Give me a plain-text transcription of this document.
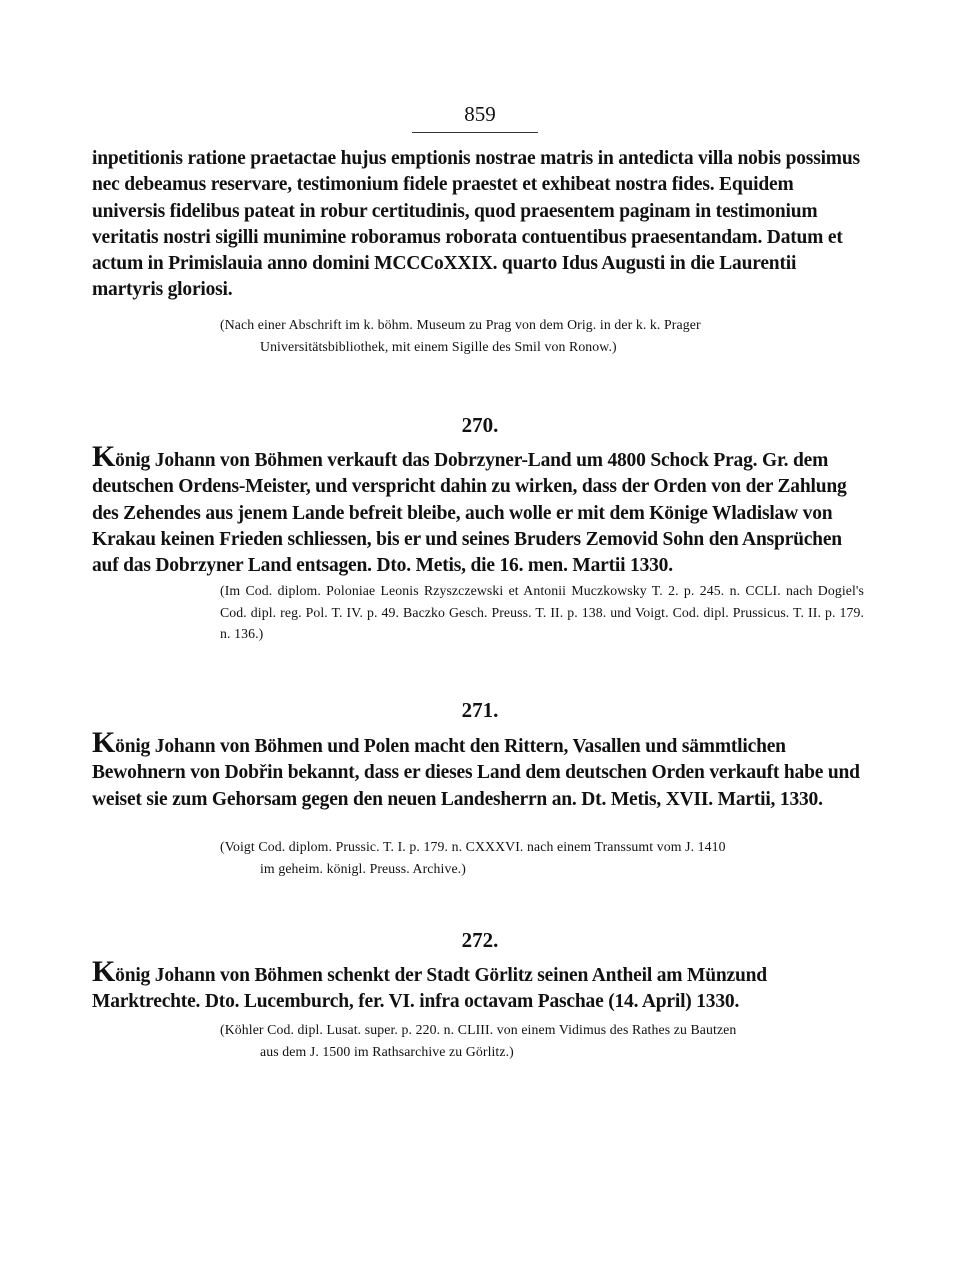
859
inpetitionis ratione praetactae hujus emptionis nostrae matris in antedicta villa nobis possimus nec debeamus reservare, testimonium fidele praestet et exhibeat nostra fides. Equidem universis fidelibus pateat in robur certitudinis, quod praesentem paginam in testimonium veritatis nostri sigilli munimine roboramus roborata contuentibus praesentandam. Datum et actum in Primislauia anno domini MCCCoXXIX. quarto Idus Augusti in die Laurentii martyris gloriosi.
(Nach einer Abschrift im k. böhm. Museum zu Prag von dem Orig. in der k. k. Prager
Universitätsbibliothek, mit einem Sigille des Smil von Ronow.)
270.
König Johann von Böhmen verkauft das Dobrzyner-Land um 4800 Schock Prag. Gr. dem deutschen Ordens-Meister, und verspricht dahin zu wirken, dass der Orden von der Zahlung des Zehendes aus jenem Lande befreit bleibe, auch wolle er mit dem Könige Wladislaw von Krakau keinen Frieden schliessen, bis er und seines Bruders Zemovid Sohn den Ansprüchen auf das Dobrzyner Land entsagen. Dto. Metis, die 16. men. Martii 1330.
(Im Cod. diplom. Poloniae Leonis Rzyszczewski et Antonii Muczkowsky T. 2. p. 245. n. CCLI. nach Dogiel's Cod. dipl. reg. Pol. T. IV. p. 49. Baczko Gesch. Preuss. T. II. p. 138. und Voigt. Cod. dipl. Prussicus. T. II. p. 179. n. 136.)
271.
König Johann von Böhmen und Polen macht den Rittern, Vasallen und sämmtlichen Bewohnern von Dobřin bekannt, dass er dieses Land dem deutschen Orden verkauft habe und weiset sie zum Gehorsam gegen den neuen Landesherrn an. Dt. Metis, XVII. Martii, 1330.
(Voigt Cod. diplom. Prussic. T. I. p. 179. n. CXXXVI. nach einem Transsumt vom J. 1410
im geheim. königl. Preuss. Archive.)
272.
König Johann von Böhmen schenkt der Stadt Görlitz seinen Antheil am Münzund Marktrechte. Dto. Lucemburch, fer. VI. infra octavam Paschae (14. April) 1330.
(Köhler Cod. dipl. Lusat. super. p. 220. n. CLIII. von einem Vidimus des Rathes zu Bautzen
aus dem J. 1500 im Rathsarchive zu Görlitz.)
